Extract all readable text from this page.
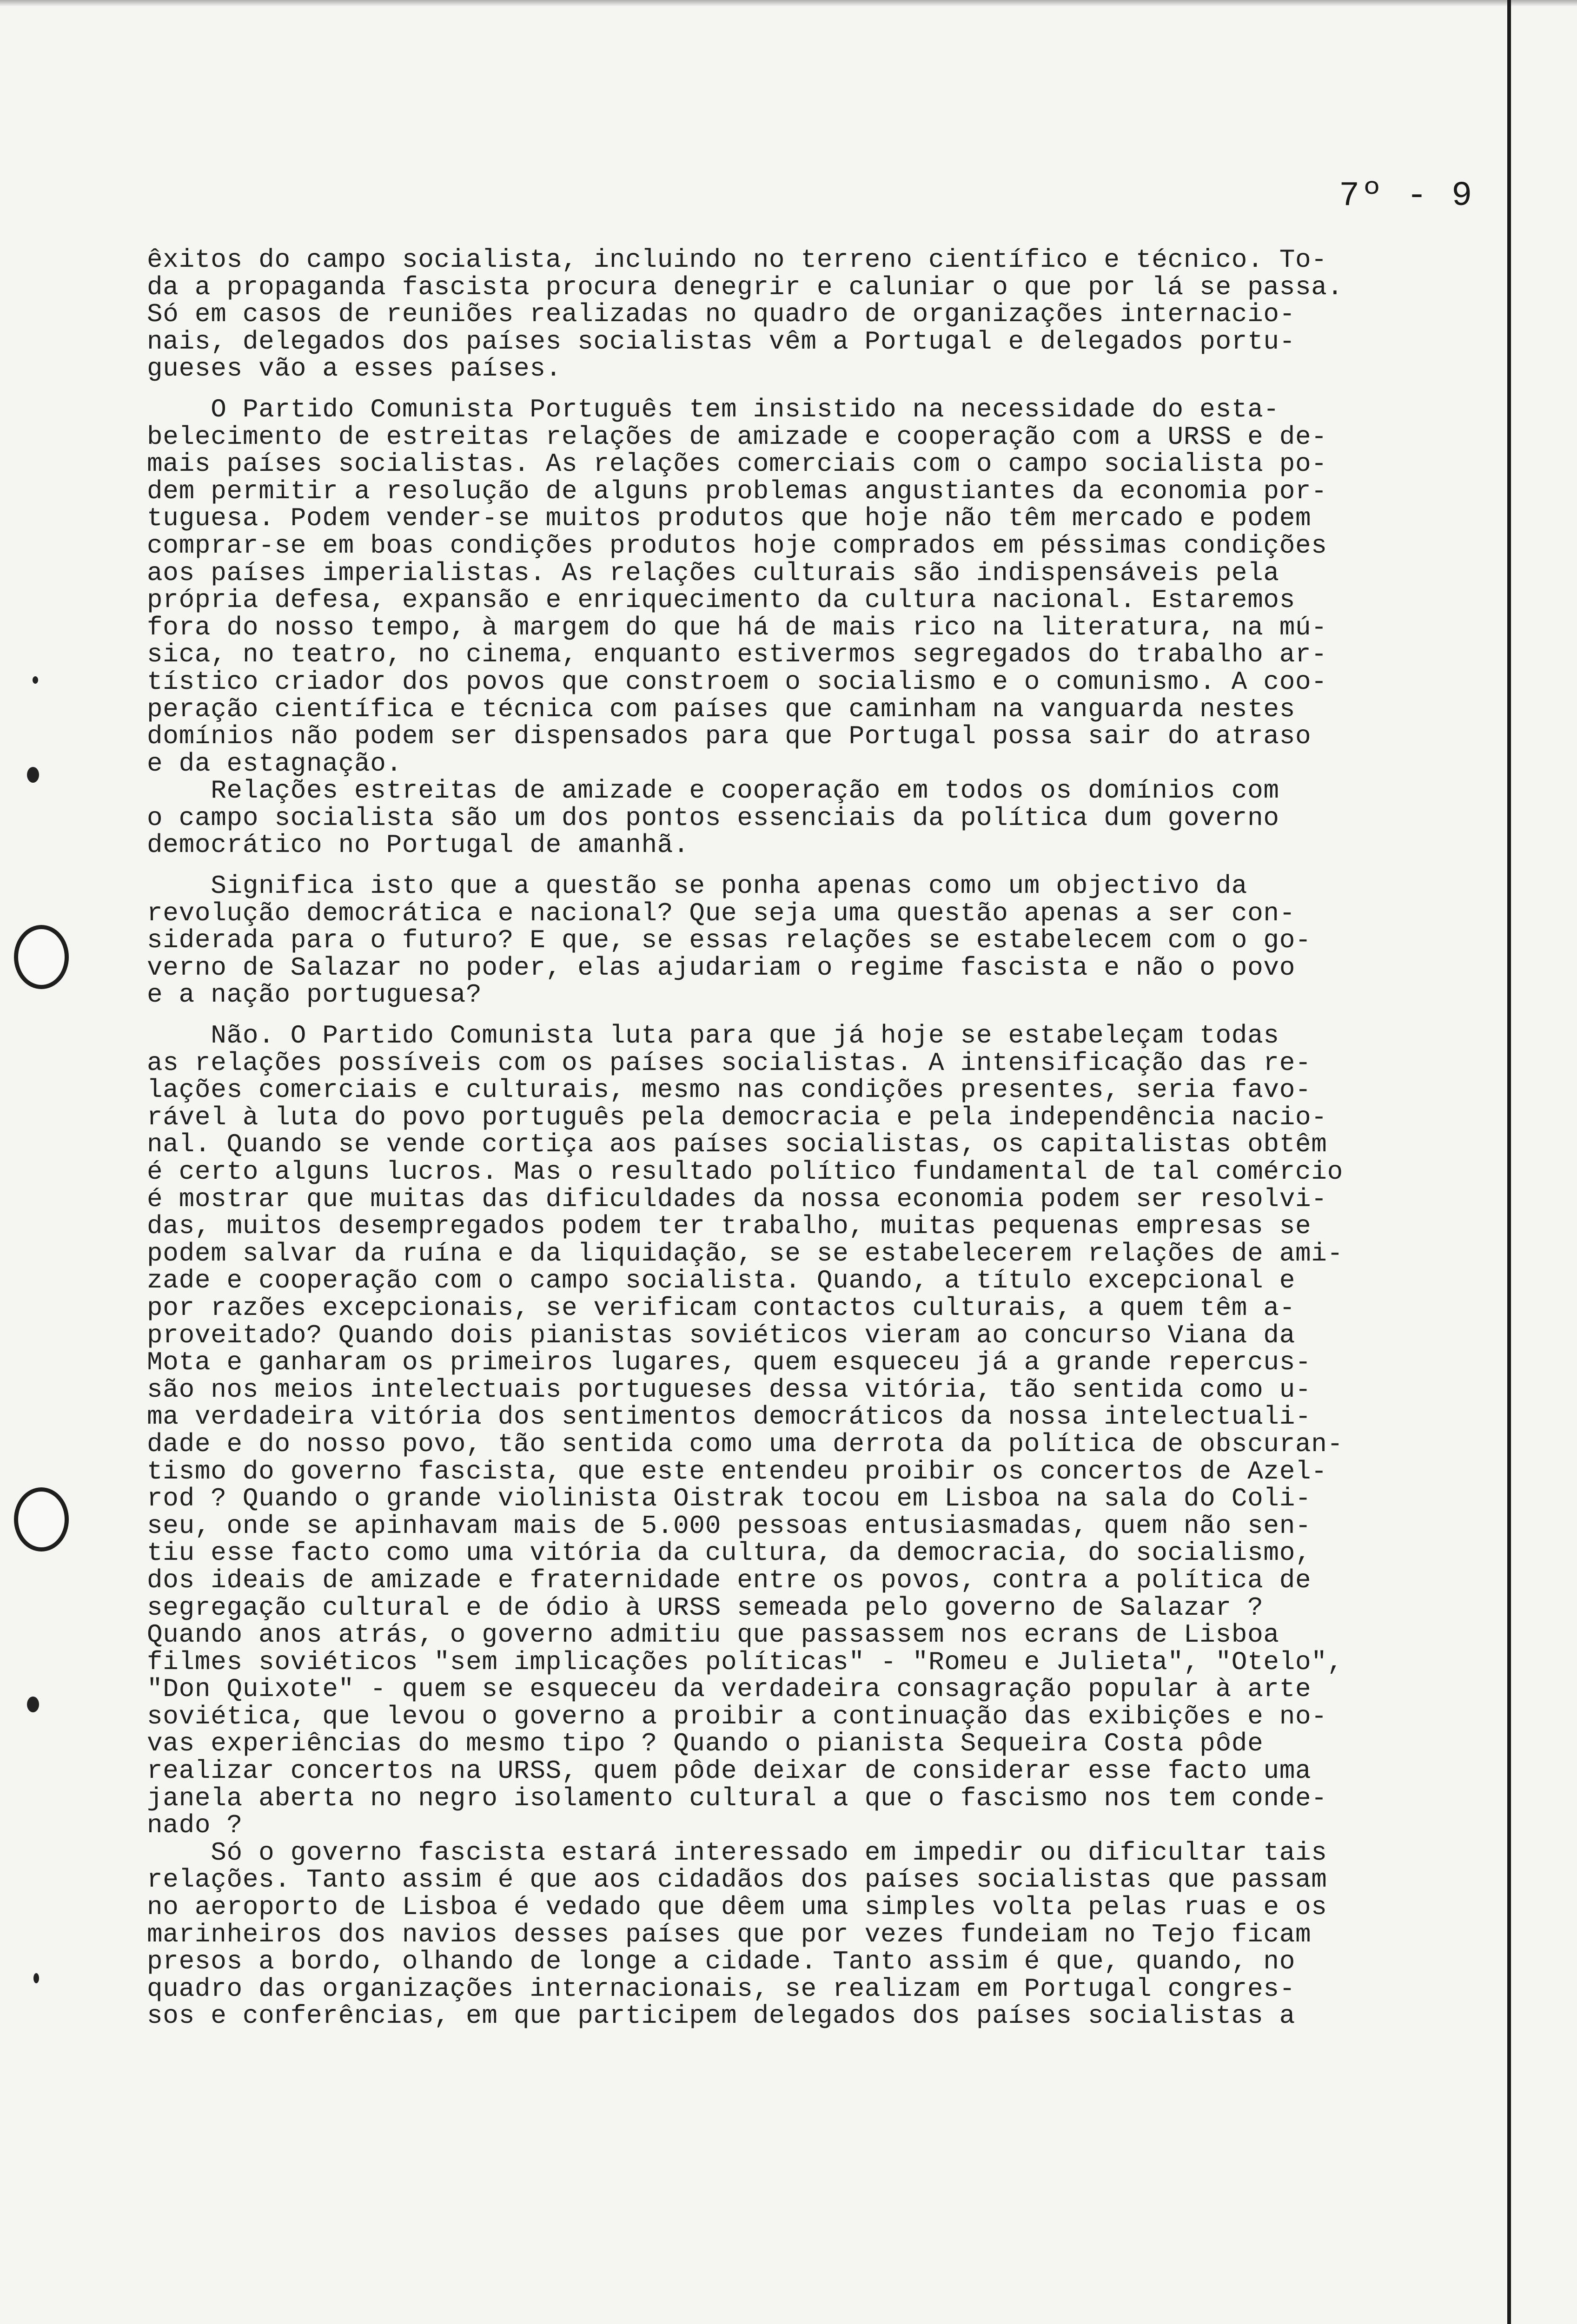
7º - 9
êxitos do campo socialista, incluindo no terreno científico e técnico. To-
da a propaganda fascista procura denegrir e caluniar o que por lá se passa.
Só em casos de reuniões realizadas no quadro de organizações internacio-
nais, delegados dos países socialistas vêm a Portugal e delegados portu-
gueses vão a esses países.
O Partido Comunista Português tem insistido na necessidade do esta-
belecimento de estreitas relações de amizade e cooperação com a URSS e de-
mais países socialistas. As relações comerciais com o campo socialista po-
dem permitir a resolução de alguns problemas angustiantes da economia por-
tuguesa. Podem vender-se muitos produtos que hoje não têm mercado e podem
comprar-se em boas condições produtos hoje comprados em péssimas condições
aos países imperialistas. As relações culturais são indispensáveis pela
própria defesa, expansão e enriquecimento da cultura nacional. Estaremos
fora do nosso tempo, à margem do que há de mais rico na literatura, na mú-
sica, no teatro, no cinema, enquanto estivermos segregados do trabalho ar-
tístico criador dos povos que constroem o socialismo e o comunismo. A coo-
peração científica e técnica com países que caminham na vanguarda nestes
domínios não podem ser dispensados para que Portugal possa sair do atraso
e da estagnação.
Relações estreitas de amizade e cooperação em todos os domínios com
o campo socialista são um dos pontos essenciais da política dum governo
democrático no Portugal de amanhã.
Significa isto que a questão se ponha apenas como um objectivo da
revolução democrática e nacional? Que seja uma questão apenas a ser con-
siderada para o futuro? E que, se essas relações se estabelecem com o go-
verno de Salazar no poder, elas ajudariam o regime fascista e não o povo
e a nação portuguesa?
Não. O Partido Comunista luta para que já hoje se estabeleçam todas
as relações possíveis com os países socialistas. A intensificação das re-
lações comerciais e culturais, mesmo nas condições presentes, seria favo-
rável à luta do povo português pela democracia e pela independência nacio-
nal. Quando se vende cortiça aos países socialistas, os capitalistas obtêm
é certo alguns lucros. Mas o resultado político fundamental de tal comércio
é mostrar que muitas das dificuldades da nossa economia podem ser resolvi-
das, muitos desempregados podem ter trabalho, muitas pequenas empresas se
podem salvar da ruína e da liquidação, se se estabelecerem relações de ami-
zade e cooperação com o campo socialista. Quando, a título excepcional e
por razões excepcionais, se verificam contactos culturais, a quem têm a-
proveitado? Quando dois pianistas soviéticos vieram ao concurso Viana da
Mota e ganharam os primeiros lugares, quem esqueceu já a grande repercus-
são nos meios intelectuais portugueses dessa vitória, tão sentida como u-
ma verdadeira vitória dos sentimentos democráticos da nossa intelectuali-
dade e do nosso povo, tão sentida como uma derrota da política de obscuran-
tismo do governo fascista, que este entendeu proibir os concertos de Azel-
rod ? Quando o grande violinista Oistrak tocou em Lisboa na sala do Coli-
seu, onde se apinhavam mais de 5.000 pessoas entusiasmadas, quem não sen-
tiu esse facto como uma vitória da cultura, da democracia, do socialismo,
dos ideais de amizade e fraternidade entre os povos, contra a política de
segregação cultural e de ódio à URSS semeada pelo governo de Salazar ?
Quando anos atrás, o governo admitiu que passassem nos ecrans de Lisboa
filmes soviéticos "sem implicações políticas" - "Romeu e Julieta", "Otelo",
"Don Quixote" - quem se esqueceu da verdadeira consagração popular à arte
soviética, que levou o governo a proibir a continuação das exibições e no-
vas experiências do mesmo tipo ? Quando o pianista Sequeira Costa pôde
realizar concertos na URSS, quem pôde deixar de considerar esse facto uma
janela aberta no negro isolamento cultural a que o fascismo nos tem conde-
nado ?
Só o governo fascista estará interessado em impedir ou dificultar tais
relações. Tanto assim é que aos cidadãos dos países socialistas que passam
no aeroporto de Lisboa é vedado que dêem uma simples volta pelas ruas e os
marinheiros dos navios desses países que por vezes fundeiam no Tejo ficam
presos a bordo, olhando de longe a cidade. Tanto assim é que, quando, no
quadro das organizações internacionais, se realizam em Portugal congres-
sos e conferências, em que participem delegados dos países socialistas a
